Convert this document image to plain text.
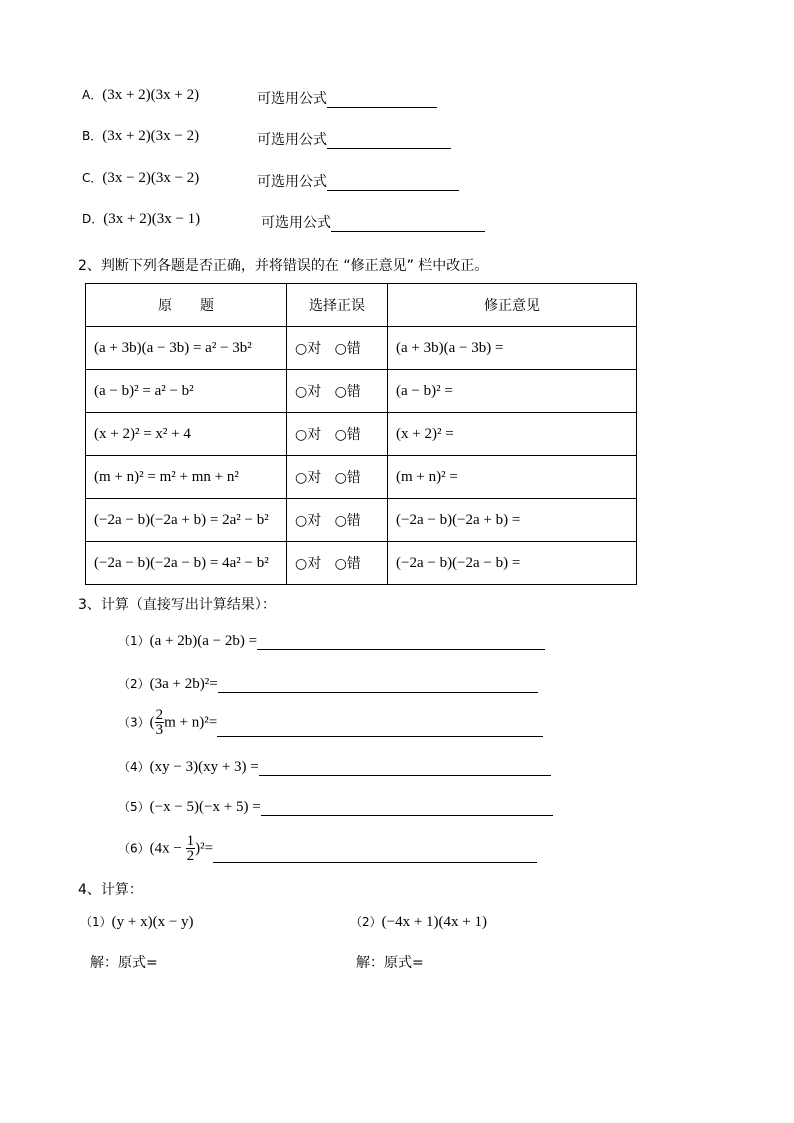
A．(3x + 2)(3x + 2)	可选用公式
B．(3x + 2)(3x − 2)	可选用公式
C．(3x − 2)(3x − 2)	可选用公式
D．(3x + 2)(3x − 1)	可选用公式
2、判断下列各题是否正确，并将错误的在 “修正意见” 栏中改正。
原　　题	选择正误	修正意见
(a + 3b)(a − 3b) = a² − 3b²	○对 ○错	(a + 3b)(a − 3b) =
(a − b)² = a² − b²	○对 ○错	(a − b)² =
(x + 2)² = x² + 4	○对 ○错	(x + 2)² =
(m + n)² = m² + mn + n²	○对 ○错	(m + n)² =
(−2a − b)(−2a + b) = 2a² − b²	○对 ○错	(−2a − b)(−2a + b) =
(−2a − b)(−2a − b) = 4a² − b²	○对 ○错	(−2a − b)(−2a − b) =
3、计算（直接写出计算结果）：
（1）(a + 2b)(a − 2b) =
（2）(3a + 2b)²=
$(3)( \frac{2}{3}$ m + n)²=
（4）(xy − 3)(xy + 3) =
（5）(−x − 5)(−x + 5) =
$(6)(4x - \frac{1}{2} )^2=$
4、计算：
（1）(y + x)(x − y)	（2）(−4x + 1)(4x + 1)
解：原式=	解：原式=
